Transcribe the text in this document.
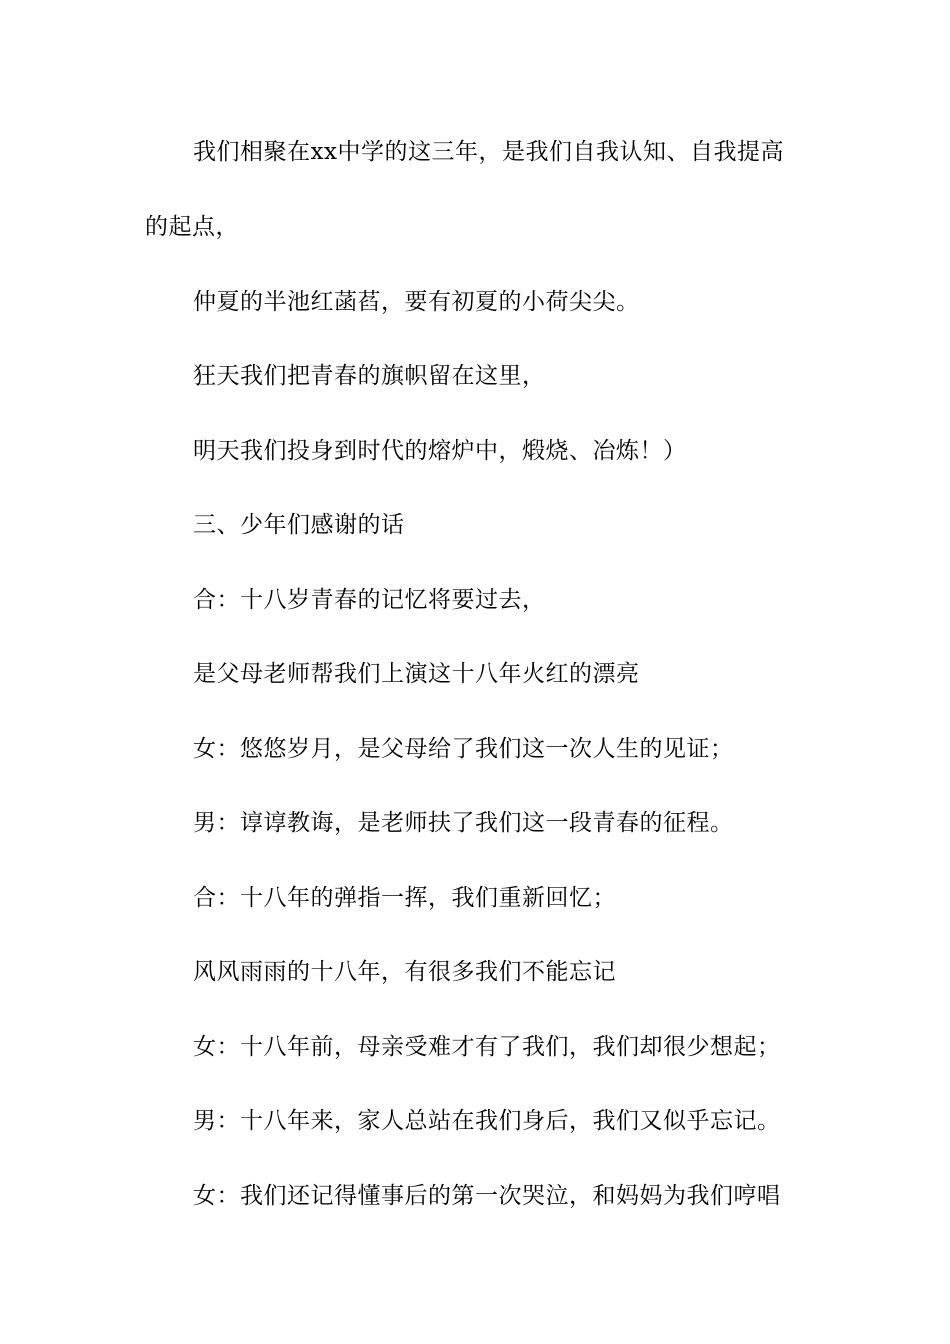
我们相聚在xx中学的这三年，是我们自我认知、自我提高
的起点，
仲夏的半池红菡萏，要有初夏的小荷尖尖。
狂天我们把青春的旗帜留在这里，
明天我们投身到时代的熔炉中，煅烧、冶炼！）
三、少年们感谢的话
合：十八岁青春的记忆将要过去，
是父母老师帮我们上演这十八年火红的漂亮
女：悠悠岁月，是父母给了我们这一次人生的见证；
男：谆谆教诲，是老师扶了我们这一段青春的征程。
合：十八年的弹指一挥，我们重新回忆；
风风雨雨的十八年，有很多我们不能忘记
女：十八年前，母亲受难才有了我们，我们却很少想起；
男：十八年来，家人总站在我们身后，我们又似乎忘记。
女：我们还记得懂事后的第一次哭泣，和妈妈为我们哼唱
